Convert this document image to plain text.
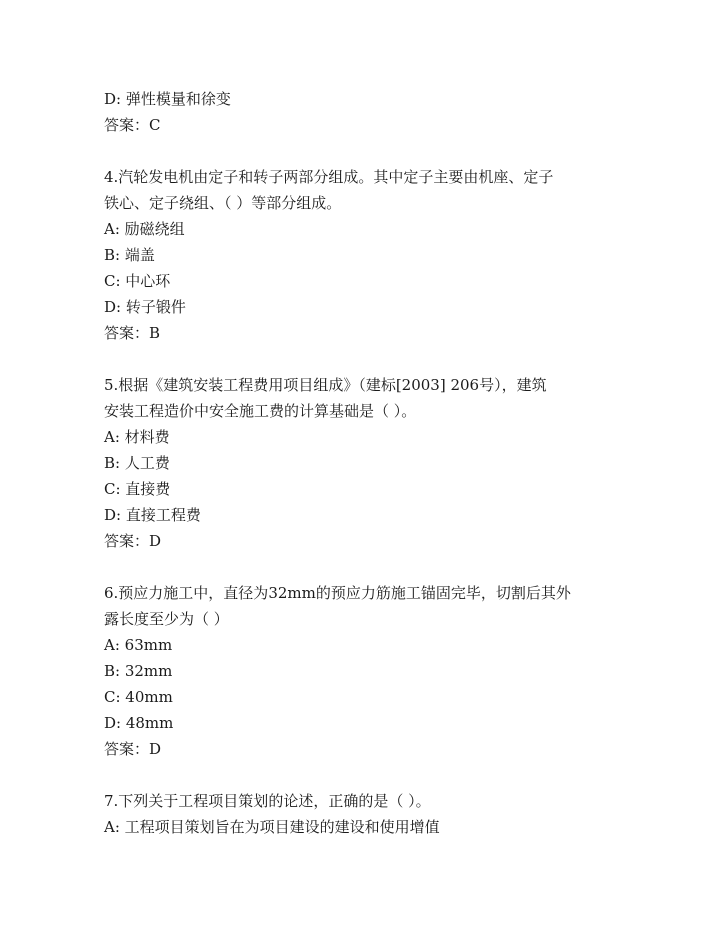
D: 弹性模量和徐变
答案：C
4.汽轮发电机由定子和转子两部分组成。其中定子主要由机座、定子
铁心、定子绕组、（ ）等部分组成。
A: 励磁绕组
B: 端盖
C: 中心环
D: 转子锻件
答案：B
5.根据《建筑安装工程费用项目组成》（建标[2003] 206号），建筑
安装工程造价中安全施工费的计算基础是（ ）。
A: 材料费
B: 人工费
C: 直接费
D: 直接工程费
答案：D
6.预应力施工中，直径为32mm的预应力筋施工锚固完毕，切割后其外
露长度至少为（ ）
A: 63mm
B: 32mm
C: 40mm
D: 48mm
答案：D
7.下列关于工程项目策划的论述，正确的是（ ）。
A: 工程项目策划旨在为项目建设的建设和使用增值
